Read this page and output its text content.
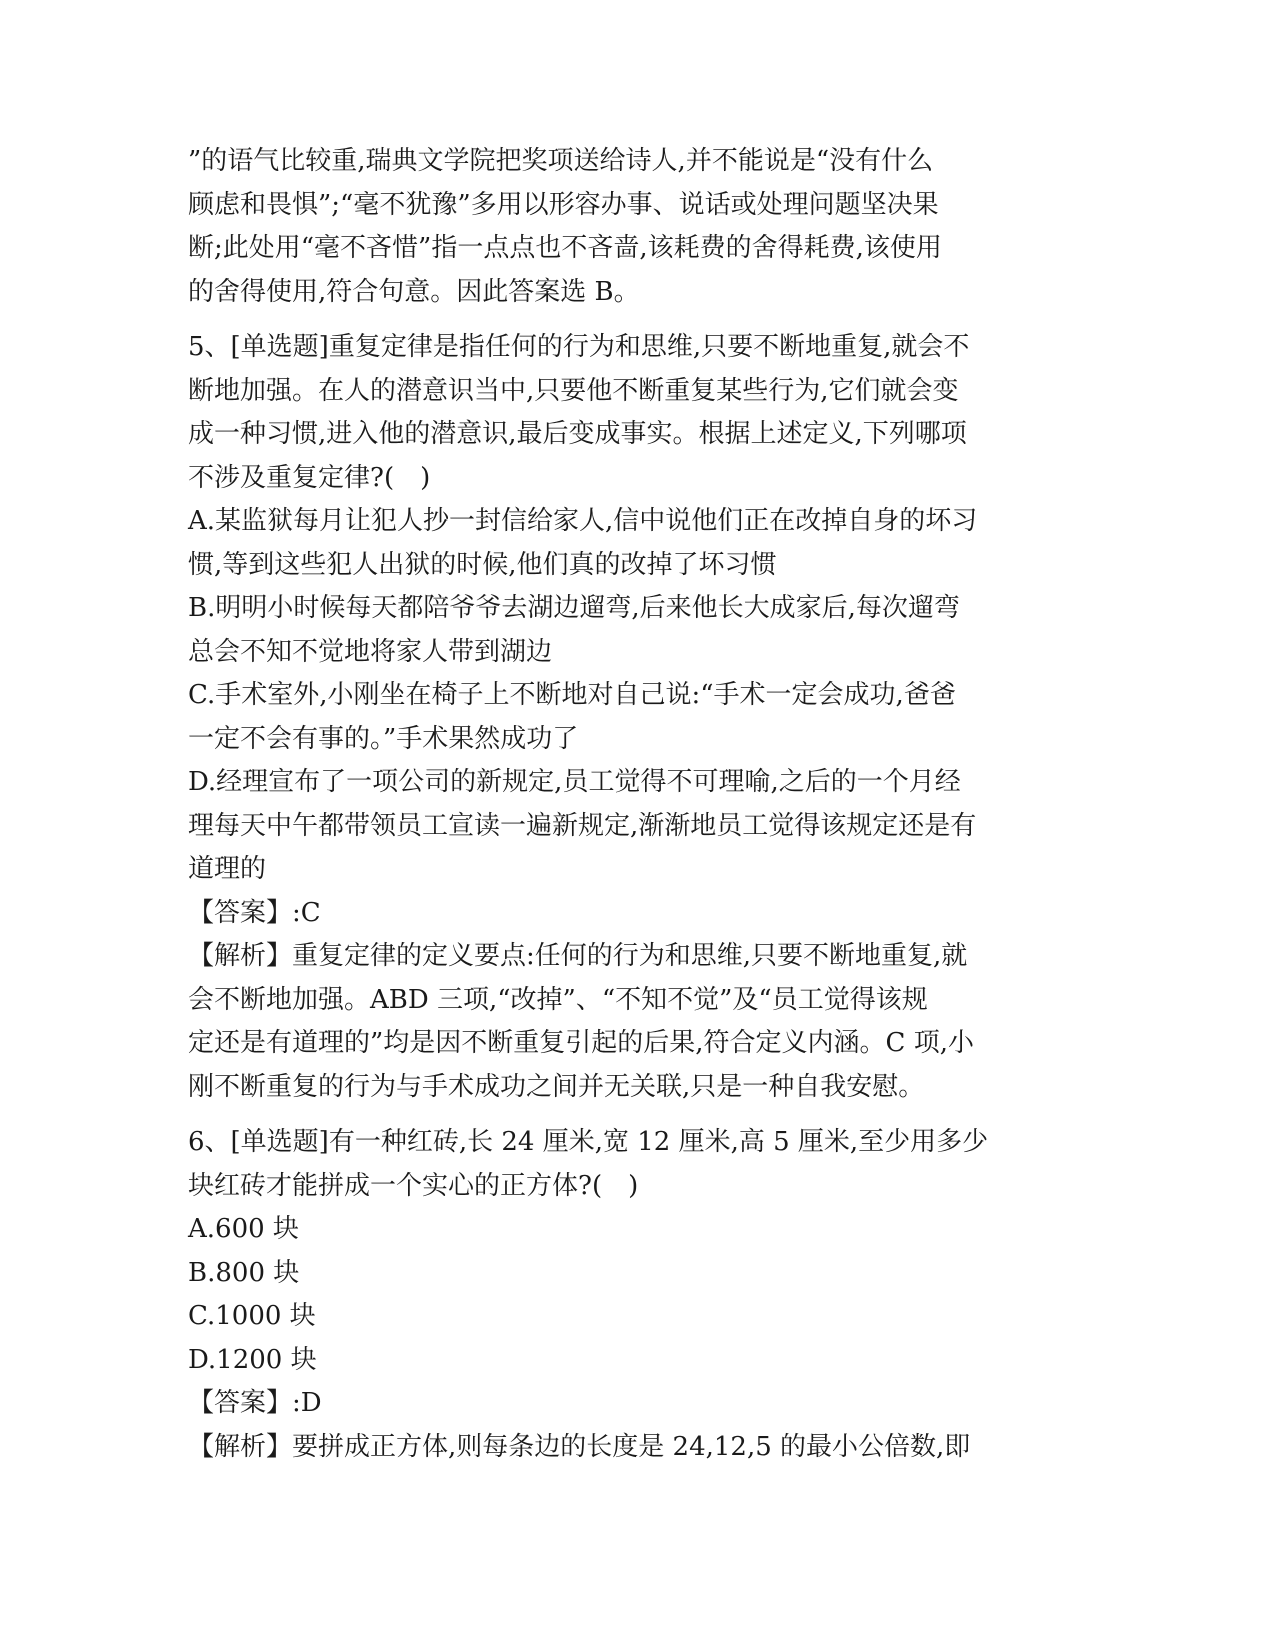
”的语气比较重,瑞典文学院把奖项送给诗人,并不能说是“没有什么
顾虑和畏惧”;“毫不犹豫”多用以形容办事、说话或处理问题坚决果
断;此处用“毫不吝惜”指一点点也不吝啬,该耗费的舍得耗费,该使用
的舍得使用,符合句意。因此答案选 B。
5、[单选题]重复定律是指任何的行为和思维,只要不断地重复,就会不
断地加强。在人的潜意识当中,只要他不断重复某些行为,它们就会变
成一种习惯,进入他的潜意识,最后变成事实。根据上述定义,下列哪项
不涉及重复定律?(　)
A.某监狱每月让犯人抄一封信给家人,信中说他们正在改掉自身的坏习
惯,等到这些犯人出狱的时候,他们真的改掉了坏习惯
B.明明小时候每天都陪爷爷去湖边遛弯,后来他长大成家后,每次遛弯
总会不知不觉地将家人带到湖边
C.手术室外,小刚坐在椅子上不断地对自己说:“手术一定会成功,爸爸
一定不会有事的。”手术果然成功了
D.经理宣布了一项公司的新规定,员工觉得不可理喻,之后的一个月经
理每天中午都带领员工宣读一遍新规定,渐渐地员工觉得该规定还是有
道理的
【答案】:C
【解析】重复定律的定义要点:任何的行为和思维,只要不断地重复,就
会不断地加强。ABD 三项,“改掉”、“不知不觉”及“员工觉得该规
定还是有道理的”均是因不断重复引起的后果,符合定义内涵。C 项,小
刚不断重复的行为与手术成功之间并无关联,只是一种自我安慰。
6、[单选题]有一种红砖,长 24 厘米,宽 12 厘米,高 5 厘米,至少用多少
块红砖才能拼成一个实心的正方体?(　)
A.600 块
B.800 块
C.1000 块
D.1200 块
【答案】:D
【解析】要拼成正方体,则每条边的长度是 24,12,5 的最小公倍数,即
